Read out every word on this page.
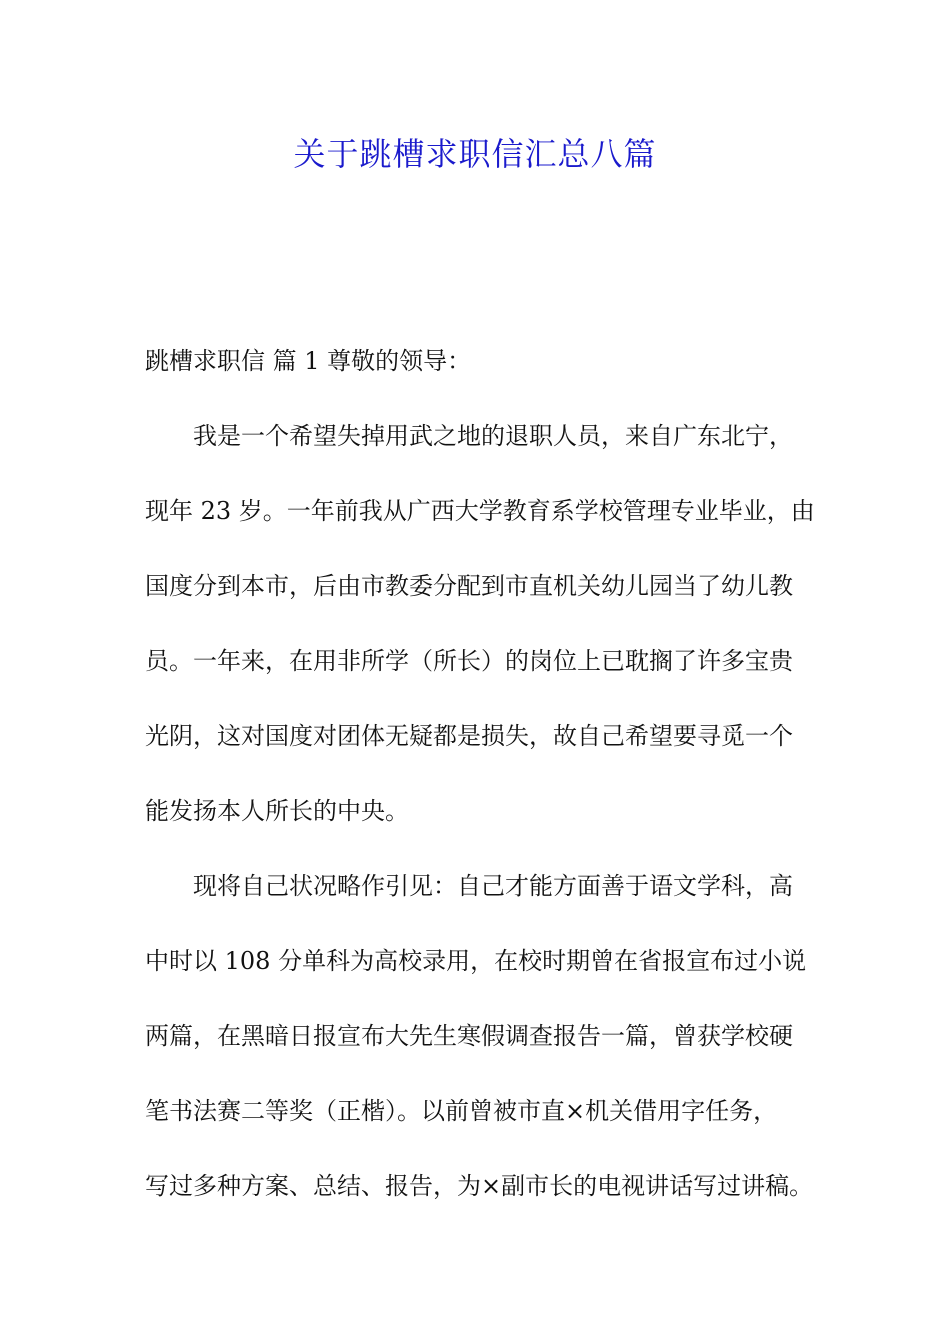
关于跳槽求职信汇总八篇
跳槽求职信 篇 1 尊敬的领导：
我是一个希望失掉用武之地的退职人员，来自广东北宁，
现年 23 岁。一年前我从广西大学教育系学校管理专业毕业，由
国度分到本市，后由市教委分配到市直机关幼儿园当了幼儿教
员。一年来，在用非所学（所长）的岗位上已耽搁了许多宝贵
光阴，这对国度对团体无疑都是损失，故自己希望要寻觅一个
能发扬本人所长的中央。
现将自己状况略作引见：自己才能方面善于语文学科，高
中时以 108 分单科为高校录用，在校时期曾在省报宣布过小说
两篇，在黑暗日报宣布大先生寒假调查报告一篇，曾获学校硬
笔书法赛二等奖（正楷）。以前曾被市直×机关借用字任务，
写过多种方案、总结、报告，为×副市长的电视讲话写过讲稿。
